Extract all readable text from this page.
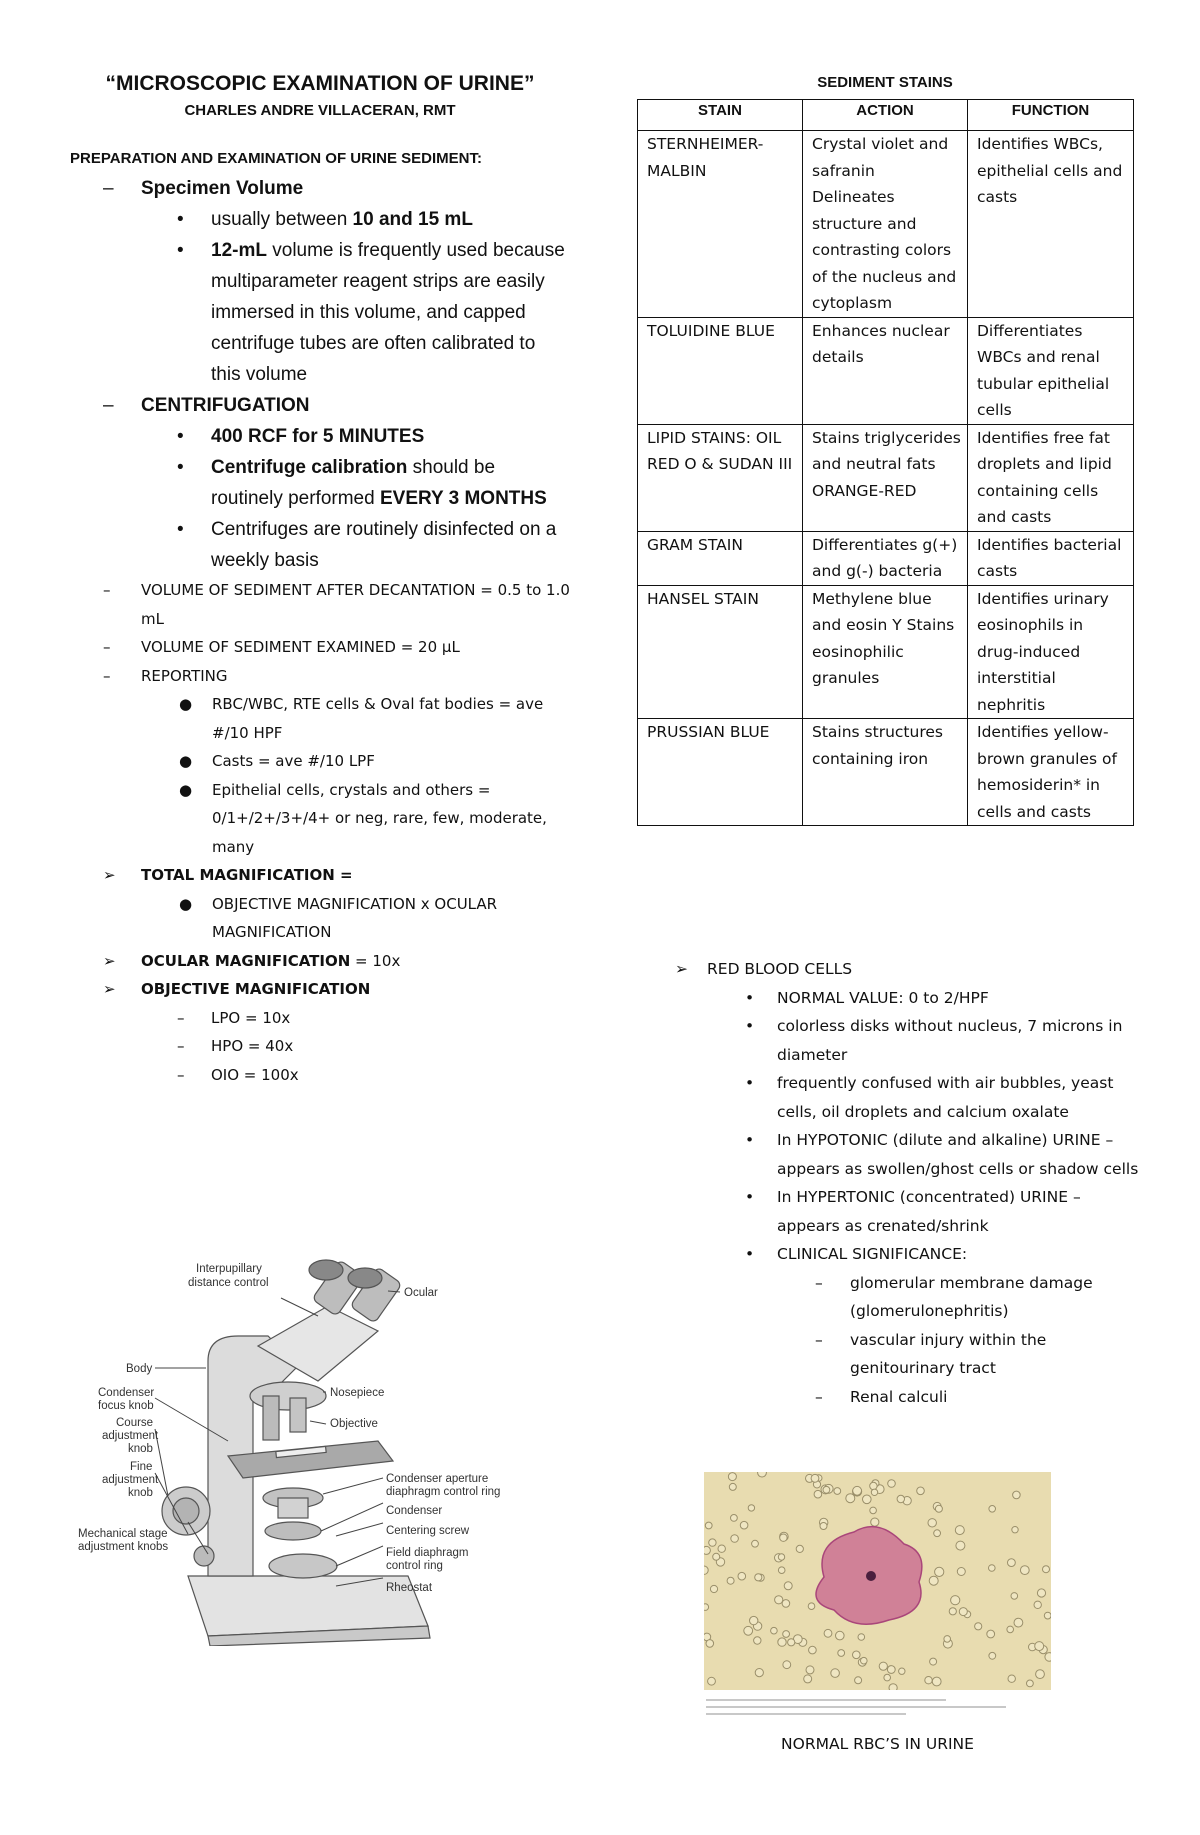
“MICROSCOPIC EXAMINATION OF URINE”

CHARLES ANDRE VILLACERAN, RMT

PREPARATION AND EXAMINATION OF URINE SEDIMENT:

– Specimen Volume
• usually between 10 and 15 mL
• 12-mL volume is frequently used because multiparameter reagent strips are easily immersed in this volume, and capped centrifuge tubes are often calibrated to this volume
– CENTRIFUGATION
• 400 RCF for 5 MINUTES
• Centrifuge calibration should be routinely performed EVERY 3 MONTHS
• Centrifuges are routinely disinfected on a weekly basis
– VOLUME OF SEDIMENT AFTER DECANTATION = 0.5 to 1.0 mL
– VOLUME OF SEDIMENT EXAMINED = 20 µL
– REPORTING
● RBC/WBC, RTE cells & Oval fat bodies = ave #/10 HPF
● Casts = ave #/10 LPF
● Epithelial cells, crystals and others = 0/1+/2+/3+/4+ or neg, rare, few, moderate, many
➢ TOTAL MAGNIFICATION =
● OBJECTIVE MAGNIFICATION x OCULAR MAGNIFICATION
➢ OCULAR MAGNIFICATION = 10x
➢ OBJECTIVE MAGNIFICATION
– LPO = 10x
– HPO = 40x
– OIO = 100x
Interpupillary
distance control
Ocular
Body
Nosepiece
Condenser
focus knob
Objective
Course
adjustment
knob
Fine
adjustment
knob
Condenser aperture
diaphragm control ring
Condenser
Mechanical stage
adjustment knobs
Centering screw
Field diaphragm
control ring
Rheostat

SEDIMENT STAINS

STAIN	ACTION	FUNCTION
STERNHEIMER-MALBIN	Crystal violet and safranin Delineates structure and contrasting colors of the nucleus and cytoplasm	Identifies WBCs, epithelial cells and casts
TOLUIDINE BLUE	Enhances nuclear details	Differentiates WBCs and renal tubular epithelial cells
LIPID STAINS: OIL RED O & SUDAN III	Stains triglycerides and neutral fats ORANGE-RED	Identifies free fat droplets and lipid containing cells and casts
GRAM STAIN	Differentiates g(+) and g(-) bacteria	Identifies bacterial casts
HANSEL STAIN	Methylene blue and eosin Y Stains eosinophilic granules	Identifies urinary eosinophils in drug-induced interstitial nephritis
PRUSSIAN BLUE	Stains structures containing iron	Identifies yellow-brown granules of hemosiderin* in cells and casts
➢ RED BLOOD CELLS
• NORMAL VALUE: 0 to 2/HPF
• colorless disks without nucleus, 7 microns in diameter
• frequently confused with air bubbles, yeast cells, oil droplets and calcium oxalate
• In HYPOTONIC (dilute and alkaline) URINE – appears as swollen/ghost cells or shadow cells
• In HYPERTONIC (concentrated) URINE – appears as crenated/shrink
• CLINICAL SIGNIFICANCE:
– glomerular membrane damage (glomerulonephritis)
– vascular injury within the genitourinary tract
– Renal calculi
NORMAL RBC’S IN URINE
